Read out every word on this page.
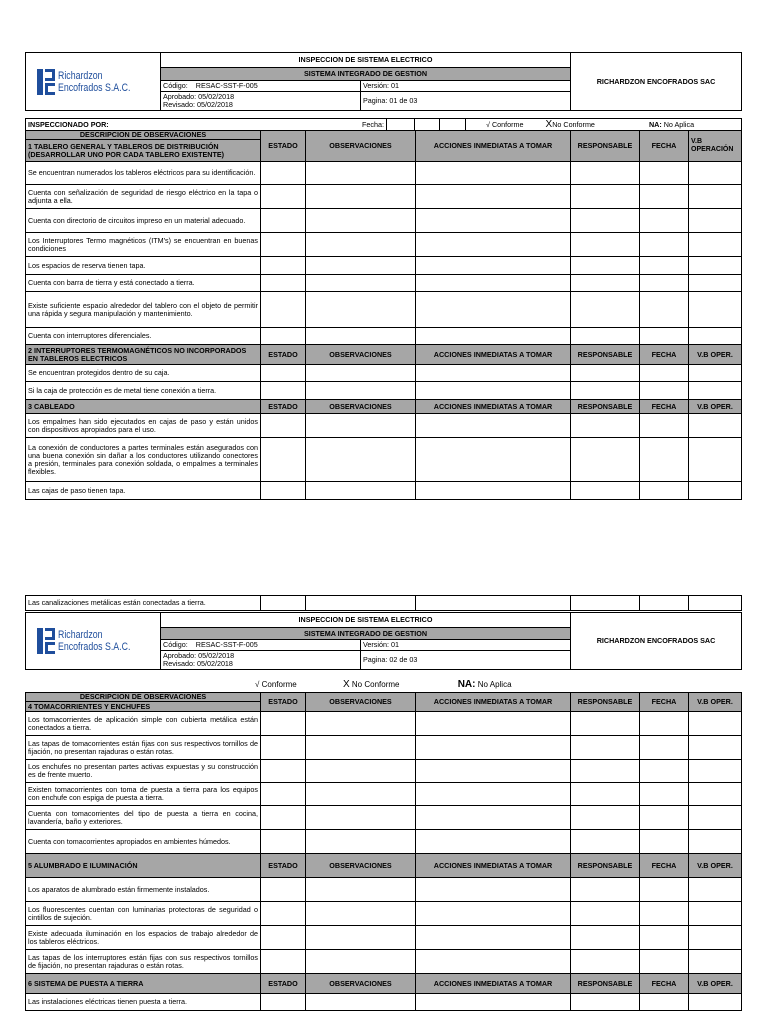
Richardzon
Encofrados S.A.C.	INSPECCION DE SISTEMA ELECTRICO		RICHARDZON ENCOFRADOS SAC
	SISTEMA INTEGRADO DE GESTION		
	Código: RESAC-SST-F-005	Versión: 01	

	Aprobado: 05/02/2018
Revisado: 05/02/2018	Pagina: 01 de 03	
INSPECCIONADO POR:	Fecha:				√ Conforme XNo Conforme	NA: No Aplica
DESCRIPCION DE OBSERVACIONES	ESTADO	OBSERVACIONES	ACCIONES INMEDIATAS A TOMAR	RESPONSABLE	FECHA	V.B OPERACIÓN
1 TABLERO GENERAL Y TABLEROS DE DISTRIBUCIÓN (DESARROLLAR UNO POR CADA TABLERO EXISTENTE)						
Se encuentran numerados los tableros eléctricos para su identificación.						
Cuenta con señalización de seguridad de riesgo eléctrico en la tapa o adjunta a ella.						
Cuenta con directorio de circuitos impreso en un material adecuado.						
Los Interruptores Termo magnéticos (ITM's) se encuentran en buenas condiciones						
Los espacios de reserva tienen tapa.						
Cuenta con barra de tierra y está conectado a tierra.						
Existe suficiente espacio alrededor del tablero con el objeto de permitir una rápida y segura manipulación y mantenimiento.						
Cuenta con interruptores diferenciales.						
2 INTERRUPTORES TERMOMAGNÉTICOS NO INCORPORADOS EN TABLEROS ELECTRICOS	ESTADO	OBSERVACIONES	ACCIONES INMEDIATAS A TOMAR	RESPONSABLE	FECHA	V.B OPER.
Se encuentran protegidos dentro de su caja.						
Si la caja de protección es de metal tiene conexión a tierra.						
3 CABLEADO	ESTADO	OBSERVACIONES	ACCIONES INMEDIATAS A TOMAR	RESPONSABLE	FECHA	V.B OPER.
Los empalmes han sido ejecutados en cajas de paso y están unidos con dispositivos apropiados para el uso.						
La conexión de conductores a partes terminales están asegurados con una buena conexión sin dañar a los conductores utilizando conectores a presión, terminales para conexión soldada, o empalmes a terminales flexibles.						
Las cajas de paso tienen tapa.						
Las canalizaciones metálicas están conectadas a tierra.						
Richardzon
Encofrados S.A.C.	INSPECCION DE SISTEMA ELECTRICO		RICHARDZON ENCOFRADOS SAC
	SISTEMA INTEGRADO DE GESTION		
	Código: RESAC-SST-F-005	Versión: 01	

	Aprobado: 05/02/2018
Revisado: 05/02/2018	Pagina: 02 de 03	
√ Conforme	X No Conforme	NA: No Aplica
DESCRIPCION DE OBSERVACIONES	ESTADO	OBSERVACIONES	ACCIONES INMEDIATAS A TOMAR	RESPONSABLE	FECHA	V.B OPER.
4 TOMACORRIENTES Y ENCHUFES						
Los tomacorrientes de aplicación simple con cubierta metálica están conectados a tierra.						
Las tapas de tomacorrientes están fijas con sus respectivos tornillos de fijación, no presentan rajaduras o están rotas.						
Los enchufes no presentan partes activas expuestas y su construcción es de frente muerto.						
Existen tomacorrientes con toma de puesta a tierra para los equipos con enchufe con espiga de puesta a tierra.						
Cuenta con tomacorrientes del tipo de puesta a tierra en cocina, lavandería, baño y exteriores.						
Cuenta con tomacorrientes apropiados en ambientes húmedos.						
5 ALUMBRADO E ILUMINACIÓN	ESTADO	OBSERVACIONES	ACCIONES INMEDIATAS A TOMAR	RESPONSABLE	FECHA	V.B OPER.
Los aparatos de alumbrado están firmemente instalados.						
Los fluorescentes cuentan con luminarias protectoras de seguridad o cintillos de sujeción.						
Existe adecuada iluminación en los espacios de trabajo alrededor de los tableros eléctricos.						
Las tapas de los interruptores están fijas con sus respectivos tornillos de fijación, no presentan rajaduras o están rotas.						
6 SISTEMA DE PUESTA A TIERRA	ESTADO	OBSERVACIONES	ACCIONES INMEDIATAS A TOMAR	RESPONSABLE	FECHA	V.B OPER.
Las instalaciones eléctricas tienen puesta a tierra.						
